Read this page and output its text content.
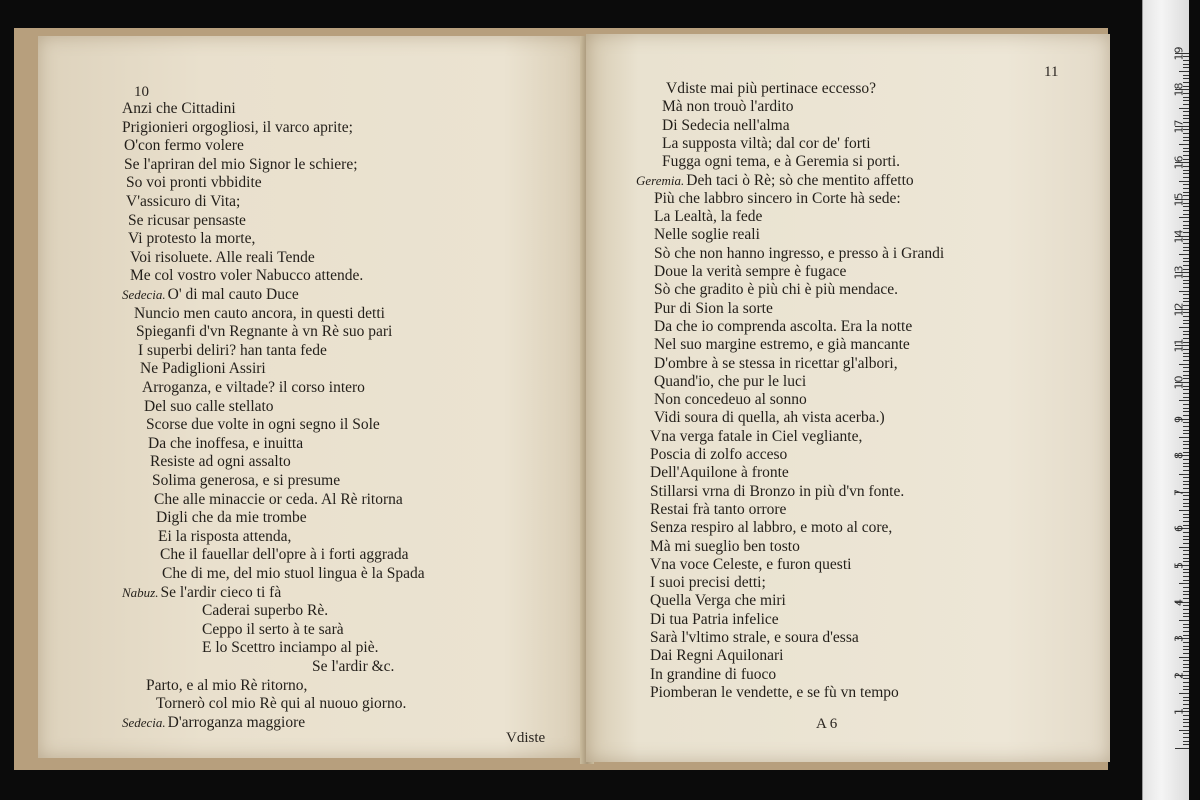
10
Anzi che Cittadini
Prigionieri orgogliosi, il varco aprite;
O'con fermo volere
Se l'apriran del mio Signor le schiere;
So voi pronti vbbidite
V'assicuro di Vita;
Se ricusar pensaste
Vi protesto la morte,
Voi risoluete. Alle reali Tende
Me col vostro voler Nabucco attende.
Sedecia. O' di mal cauto Duce
Nuncio men cauto ancora, in questi detti
Spieganfi d'vn Regnante à vn Rè suo pari
I superbi deliri? han tanta fede
Ne Padiglioni Assiri
Arroganza, e viltade? il corso intero
Del suo calle stellato
Scorse due volte in ogni segno il Sole
Da che inoffesa, e inuitta
Resiste ad ogni assalto
Solima generosa, e si presume
Che alle minaccie or ceda. Al Rè ritorna
Digli che da mie trombe
Ei la risposta attenda,
Che il fauellar dell'opre à i forti aggrada
Che di me, del mio stuol lingua è la Spada
Nabuz. Se l'ardir cieco ti fà
Caderai superbo Rè.
Ceppo il serto à te sarà
E lo Scettro inciampo al piè.
Se l'ardir &c.
Parto, e al mio Rè ritorno,
Tornerò col mio Rè qui al nuouo giorno.
Sedecia. D'arroganza maggiore
Vdiste
11
Vdiste mai più pertinace eccesso?
Mà non trouò l'ardito
Di Sedecia nell'alma
La supposta viltà; dal cor de' forti
Fugga ogni tema, e à Geremia si porti.
Geremia. Deh taci ò Rè; sò che mentito affetto
Più che labbro sincero in Corte hà sede:
La Lealtà, la fede
Nelle soglie reali
Sò che non hanno ingresso, e presso à i Grandi
Doue la verità sempre è fugace
Sò che gradito è più chi è più mendace.
Pur di Sion la sorte
Da che io comprenda ascolta. Era la notte
Nel suo margine estremo, e già mancante
D'ombre à se stessa in ricettar gl'albori,
Quand'io, che pur le luci
Non concedeuo al sonno
Vidi soura di quella, ah vista acerba.)
Vna verga fatale in Ciel vegliante,
Poscia di zolfo acceso
Dell'Aquilone à fronte
Stillarsi vrna di Bronzo in più d'vn fonte.
Restai frà tanto orrore
Senza respiro al labbro, e moto al core,
Mà mi sueglio ben tosto
Vna voce Celeste, e furon questi
I suoi precisi detti;
Quella Verga che miri
Di tua Patria infelice
Sarà l'vltimo strale, e soura d'essa
Dai Regni Aquilonari
In grandine di fuoco
Piomberan le vendette, e se fù vn tempo
A 6
1
2
3
4
5
6
7
8
9
10
11
12
13
14
15
16
17
18
19
